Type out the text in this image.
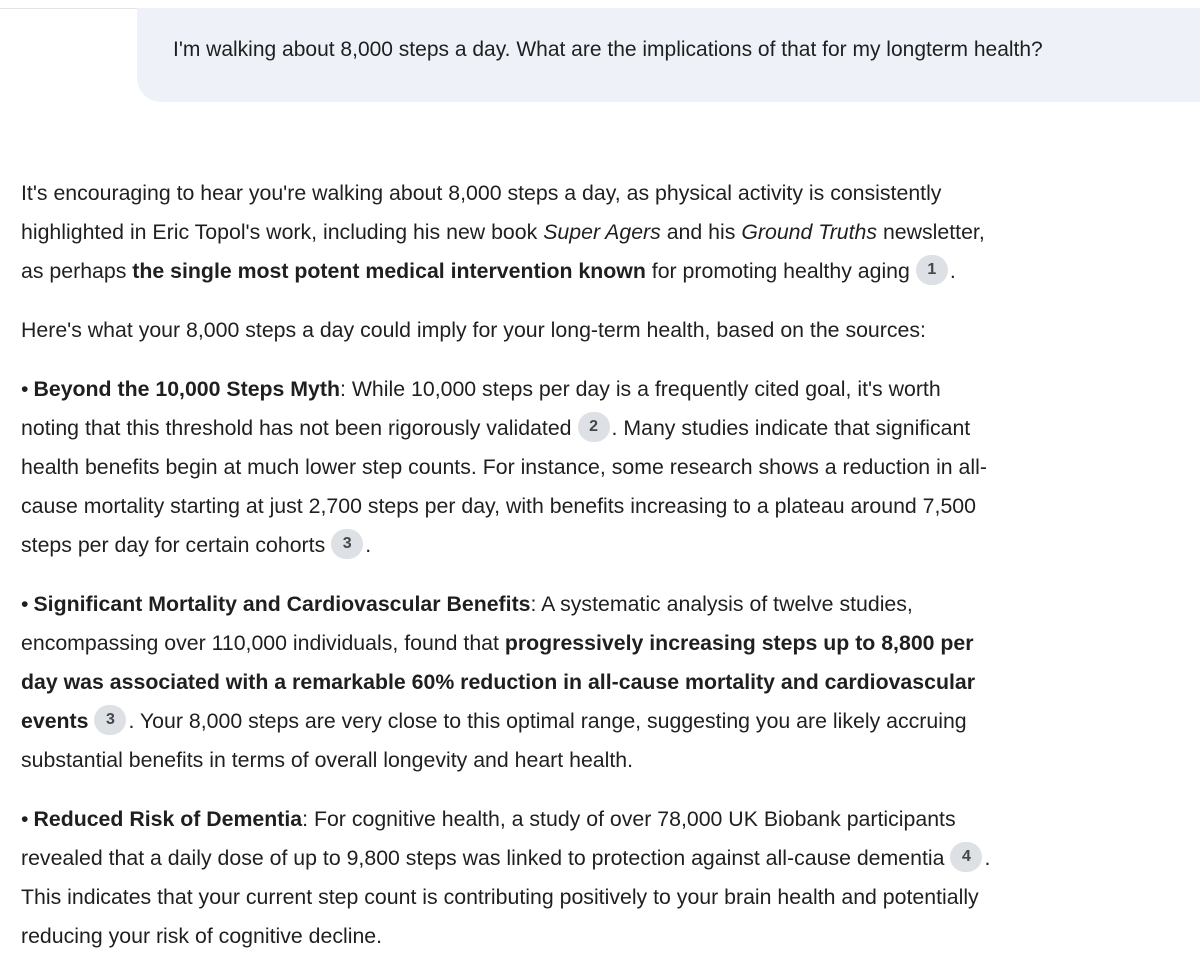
I'm walking about 8,000 steps a day. What are the implications of that for my longterm health?

It's encouraging to hear you're walking about 8,000 steps a day, as physical activity is consistently
highlighted in Eric Topol's work, including his new book Super Agers and his Ground Truths newsletter,
as perhaps the single most potent medical intervention known for promoting healthy aging 1 .

Here's what your 8,000 steps a day could imply for your long-term health, based on the sources:

• Beyond the 10,000 Steps Myth: While 10,000 steps per day is a frequently cited goal, it's worth
noting that this threshold has not been rigorously validated 2 . Many studies indicate that significant
health benefits begin at much lower step counts. For instance, some research shows a reduction in all-
cause mortality starting at just 2,700 steps per day, with benefits increasing to a plateau around 7,500
steps per day for certain cohorts 3 .

• Significant Mortality and Cardiovascular Benefits: A systematic analysis of twelve studies,
encompassing over 110,000 individuals, found that progressively increasing steps up to 8,800 per
day was associated with a remarkable 60% reduction in all-cause mortality and cardiovascular
events 3 . Your 8,000 steps are very close to this optimal range, suggesting you are likely accruing
substantial benefits in terms of overall longevity and heart health.

• Reduced Risk of Dementia: For cognitive health, a study of over 78,000 UK Biobank participants
revealed that a daily dose of up to 9,800 steps was linked to protection against all-cause dementia 4 .
This indicates that your current step count is contributing positively to your brain health and potentially
reducing your risk of cognitive decline.
